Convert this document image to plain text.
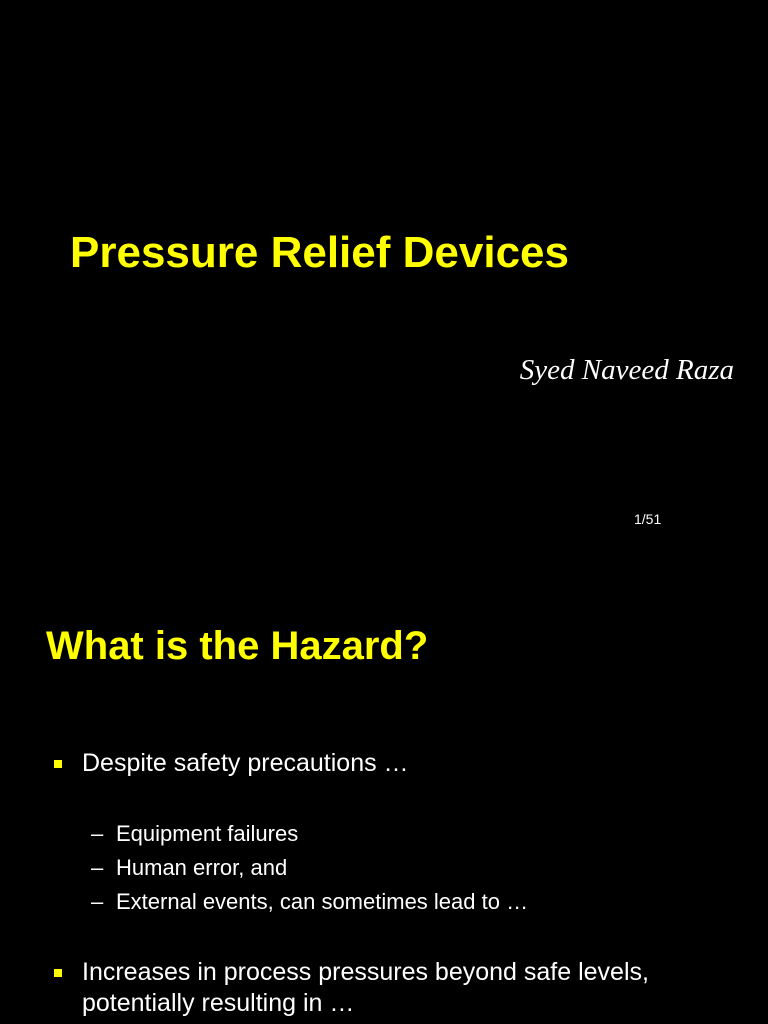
Pressure Relief Devices
Syed Naveed Raza
1/51
What is the Hazard?
Despite safety precautions …
– Equipment failures
– Human error, and
– External events, can sometimes lead to …
Increases in process pressures beyond safe levels, potentially resulting in …
